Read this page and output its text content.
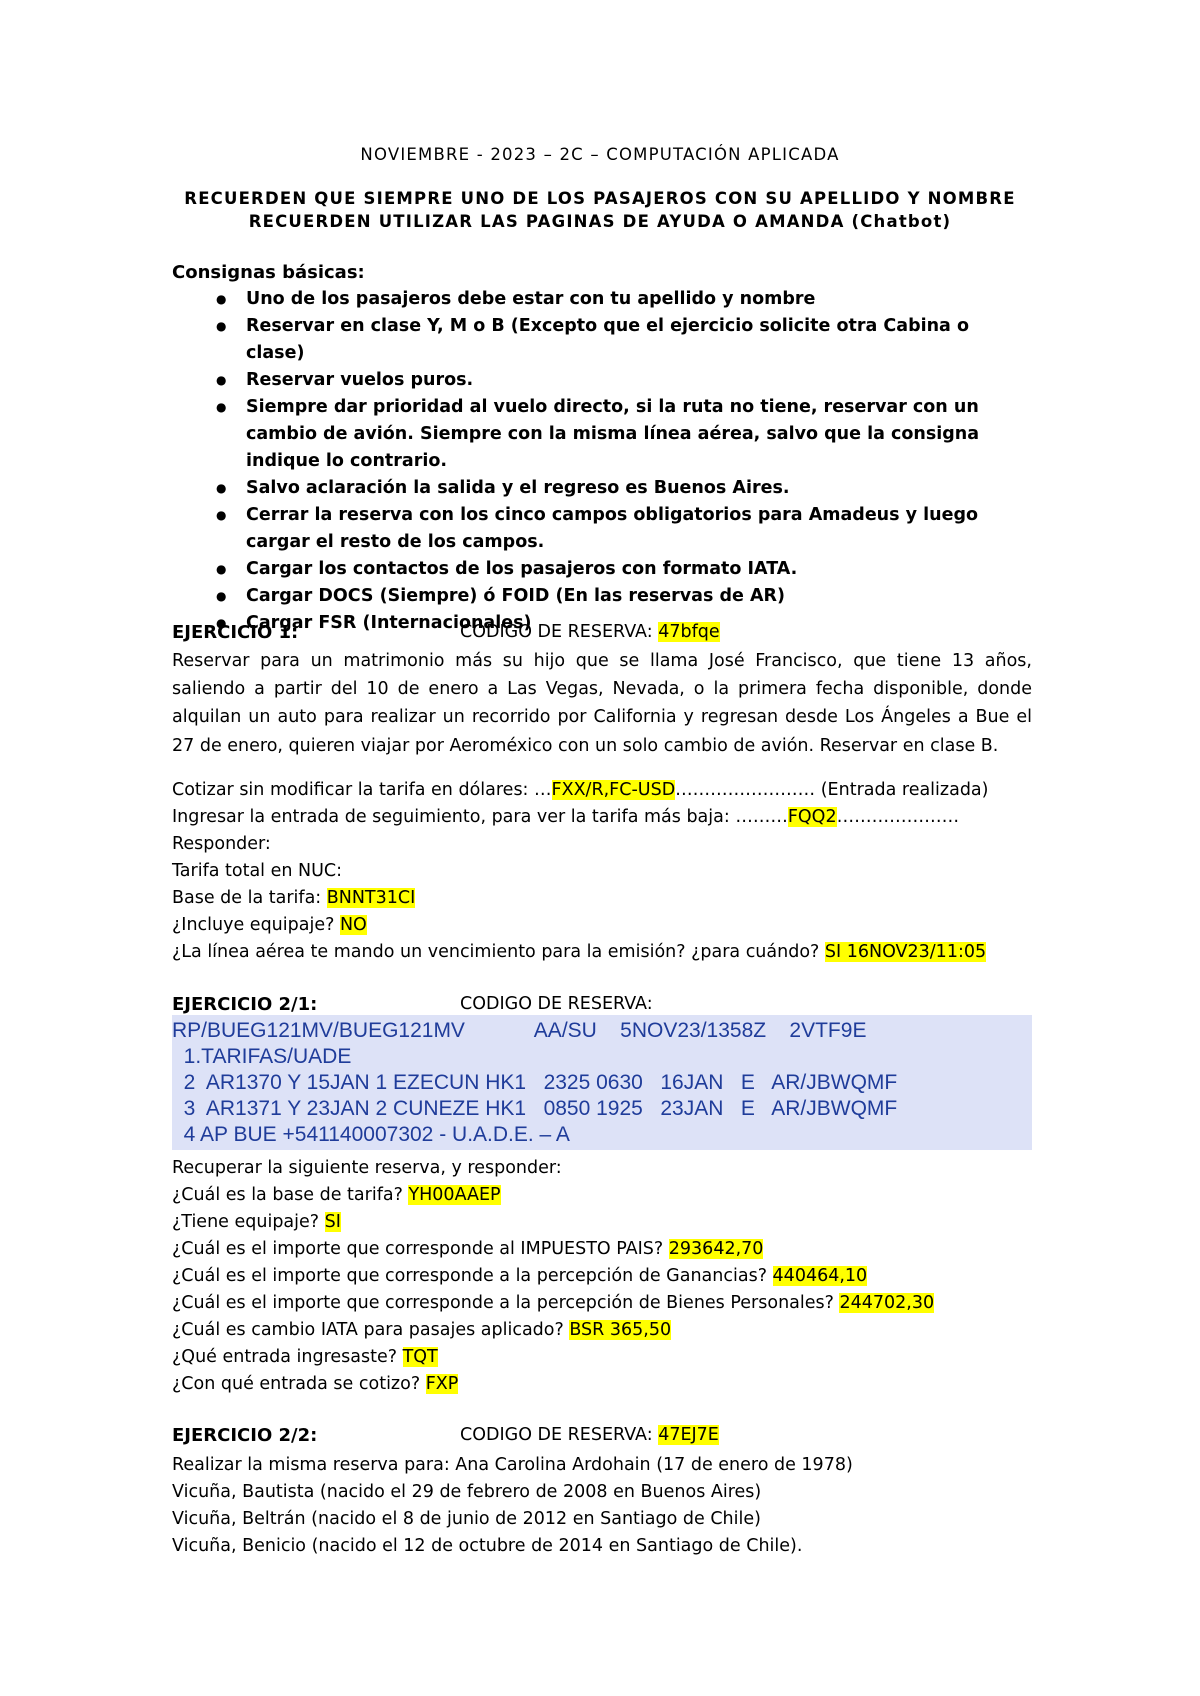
NOVIEMBRE - 2023 – 2C – COMPUTACIÓN APLICADA
RECUERDEN QUE SIEMPRE UNO DE LOS PASAJEROS CON SU APELLIDO Y NOMBRE
RECUERDEN UTILIZAR LAS PAGINAS DE AYUDA O AMANDA (Chatbot)
Consignas básicas:
● Uno de los pasajeros debe estar con tu apellido y nombre
● Reservar en clase Y, M o B (Excepto que el ejercicio solicite otra Cabina o clase)
● Reservar vuelos puros.
● Siempre dar prioridad al vuelo directo, si la ruta no tiene, reservar con un cambio de avión. Siempre con la misma línea aérea, salvo que la consigna indique lo contrario.
● Salvo aclaración la salida y el regreso es Buenos Aires.
● Cerrar la reserva con los cinco campos obligatorios para Amadeus y luego cargar el resto de los campos.
● Cargar los contactos de los pasajeros con formato IATA.
● Cargar DOCS (Siempre) ó FOID (En las reservas de AR)
● Cargar FSR (Internacionales)
EJERCICIO 1:	CODIGO DE RESERVA: 47bfqe
Reservar para un matrimonio más su hijo que se llama José Francisco, que tiene 13 años, saliendo a partir del 10 de enero a Las Vegas, Nevada, o la primera fecha disponible, donde alquilan un auto para realizar un recorrido por California y regresan desde Los Ángeles a Bue el 27 de enero, quieren viajar por Aeroméxico con un solo cambio de avión. Reservar en clase B.
Cotizar sin modificar la tarifa en dólares: …FXX/R,FC-USD…………………… (Entrada realizada)
Ingresar la entrada de seguimiento, para ver la tarifa más baja: ………FQQ2…………………
Responder:
Tarifa total en NUC:
Base de la tarifa: BNNT31CI
¿Incluye equipaje? NO
¿La línea aérea te mando un vencimiento para la emisión? ¿para cuándo? SI 16NOV23/11:05
EJERCICIO 2/1:	CODIGO DE RESERVA:
RP/BUEG121MV/BUEG121MV            AA/SU    5NOV23/1358Z    2VTF9E
1.TARIFAS/UADE
2  AR1370 Y 15JAN 1 EZECUN HK1   2325 0630   16JAN   E   AR/JBWQMF
3  AR1371 Y 23JAN 2 CUNEZE HK1   0850 1925   23JAN   E   AR/JBWQMF
4 AP BUE +541140007302 - U.A.D.E. – A
Recuperar la siguiente reserva, y responder:
¿Cuál es la base de tarifa? YH00AAEP
¿Tiene equipaje? SI
¿Cuál es el importe que corresponde al IMPUESTO PAIS? 293642,70
¿Cuál es el importe que corresponde a la percepción de Ganancias? 440464,10
¿Cuál es el importe que corresponde a la percepción de Bienes Personales? 244702,30
¿Cuál es cambio IATA para pasajes aplicado? BSR 365,50
¿Qué entrada ingresaste? TQT
¿Con qué entrada se cotizo? FXP
EJERCICIO 2/2:	CODIGO DE RESERVA: 47EJ7E
Realizar la misma reserva para: Ana Carolina Ardohain (17 de enero de 1978)
Vicuña, Bautista (nacido el 29 de febrero de 2008 en Buenos Aires)
Vicuña, Beltrán (nacido el 8 de junio de 2012 en Santiago de Chile)
Vicuña, Benicio (nacido el 12 de octubre de 2014 en Santiago de Chile).
